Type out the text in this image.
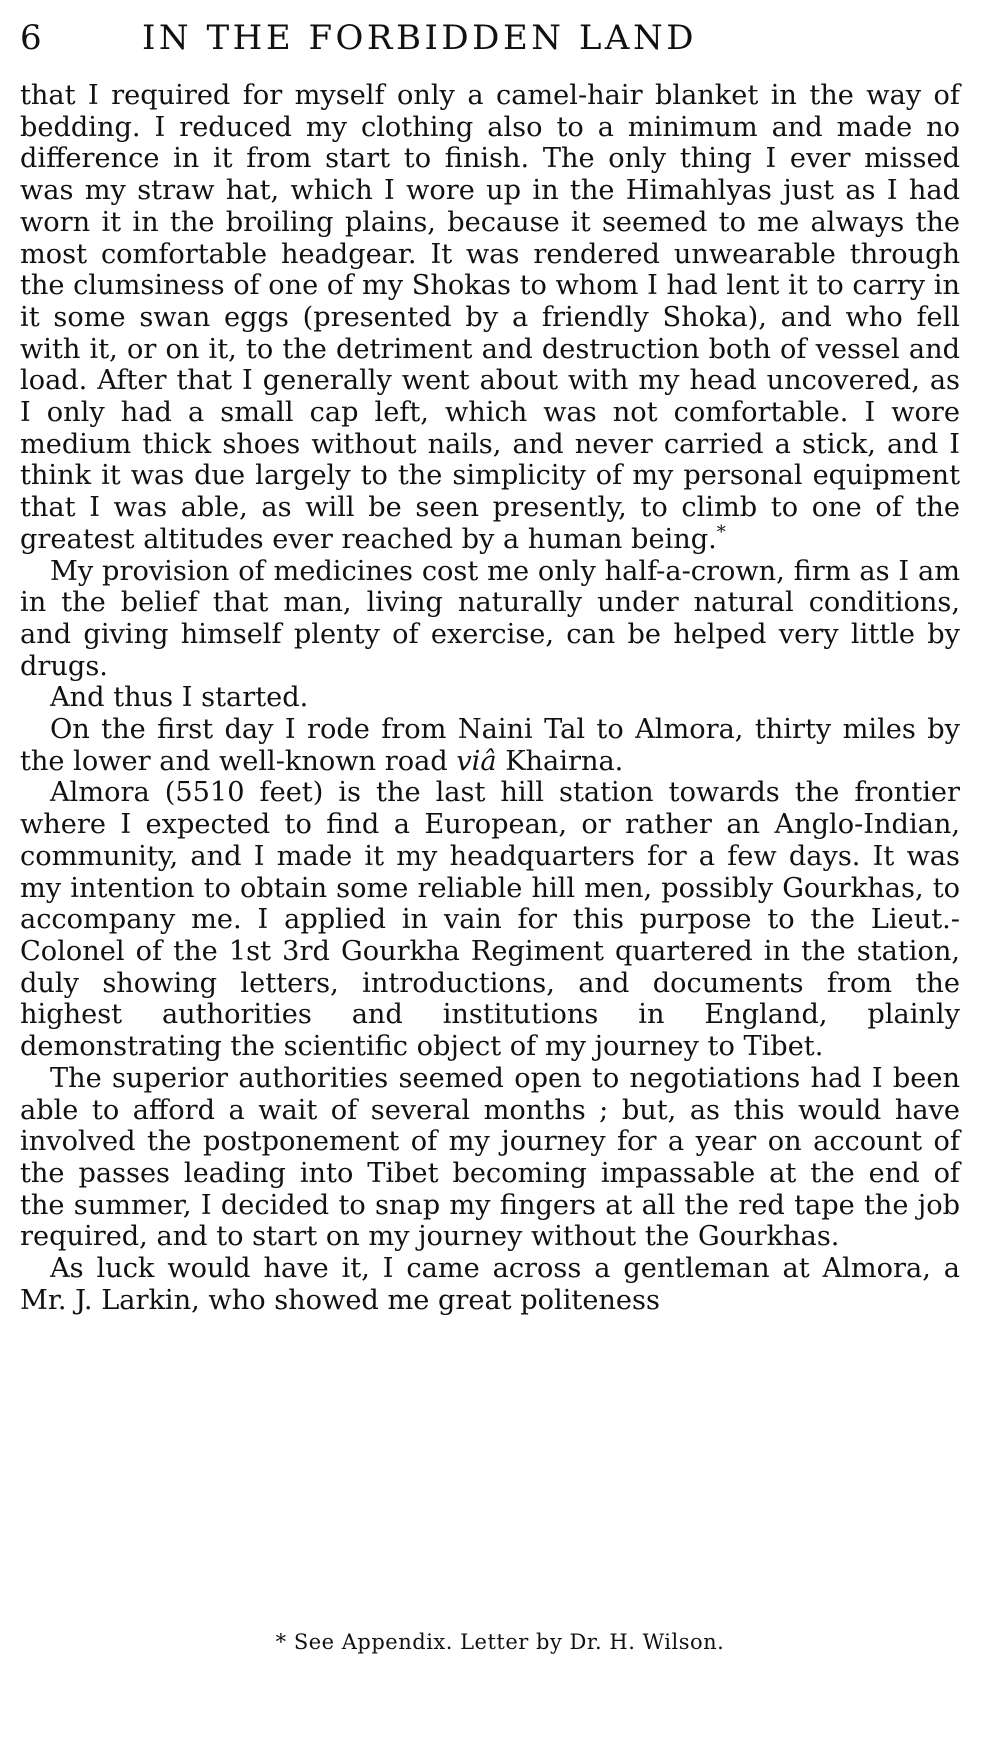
6	IN THE FORBIDDEN LAND

that I required for myself only a camel-hair blanket in the way of bedding. I reduced my clothing also to a minimum and made no difference in it from start to finish. The only thing I ever missed was my straw hat, which I wore up in the Himahlyas just as I had worn it in the broiling plains, because it seemed to me always the most comfortable headgear. It was rendered unwearable through the clumsiness of one of my Shokas to whom I had lent it to carry in it some swan eggs (presented by a friendly Shoka), and who fell with it, or on it, to the detriment and destruction both of vessel and load. After that I generally went about with my head uncovered, as I only had a small cap left, which was not comfortable. I wore medium thick shoes without nails, and never carried a stick, and I think it was due largely to the simplicity of my personal equipment that I was able, as will be seen presently, to climb to one of the greatest altitudes ever reached by a human being.*

My provision of medicines cost me only half-a-crown, firm as I am in the belief that man, living naturally under natural conditions, and giving himself plenty of exercise, can be helped very little by drugs.

And thus I started.

On the first day I rode from Naini Tal to Almora, thirty miles by the lower and well-known road viâ Khairna.

Almora (5510 feet) is the last hill station towards the frontier where I expected to find a European, or rather an Anglo-Indian, community, and I made it my headquarters for a few days. It was my intention to obtain some reliable hill men, possibly Gourkhas, to accompany me. I applied in vain for this purpose to the Lieut.-Colonel of the 1st 3rd Gourkha Regiment quartered in the station, duly showing letters, introductions, and documents from the highest authorities and institutions in England, plainly demonstrating the scientific object of my journey to Tibet.

The superior authorities seemed open to negotiations had I been able to afford a wait of several months ; but, as this would have involved the postponement of my journey for a year on account of the passes leading into Tibet becoming impassable at the end of the summer, I decided to snap my fingers at all the red tape the job required, and to start on my journey without the Gourkhas.

As luck would have it, I came across a gentleman at Almora, a Mr. J. Larkin, who showed me great politeness

* See Appendix. Letter by Dr. H. Wilson.
